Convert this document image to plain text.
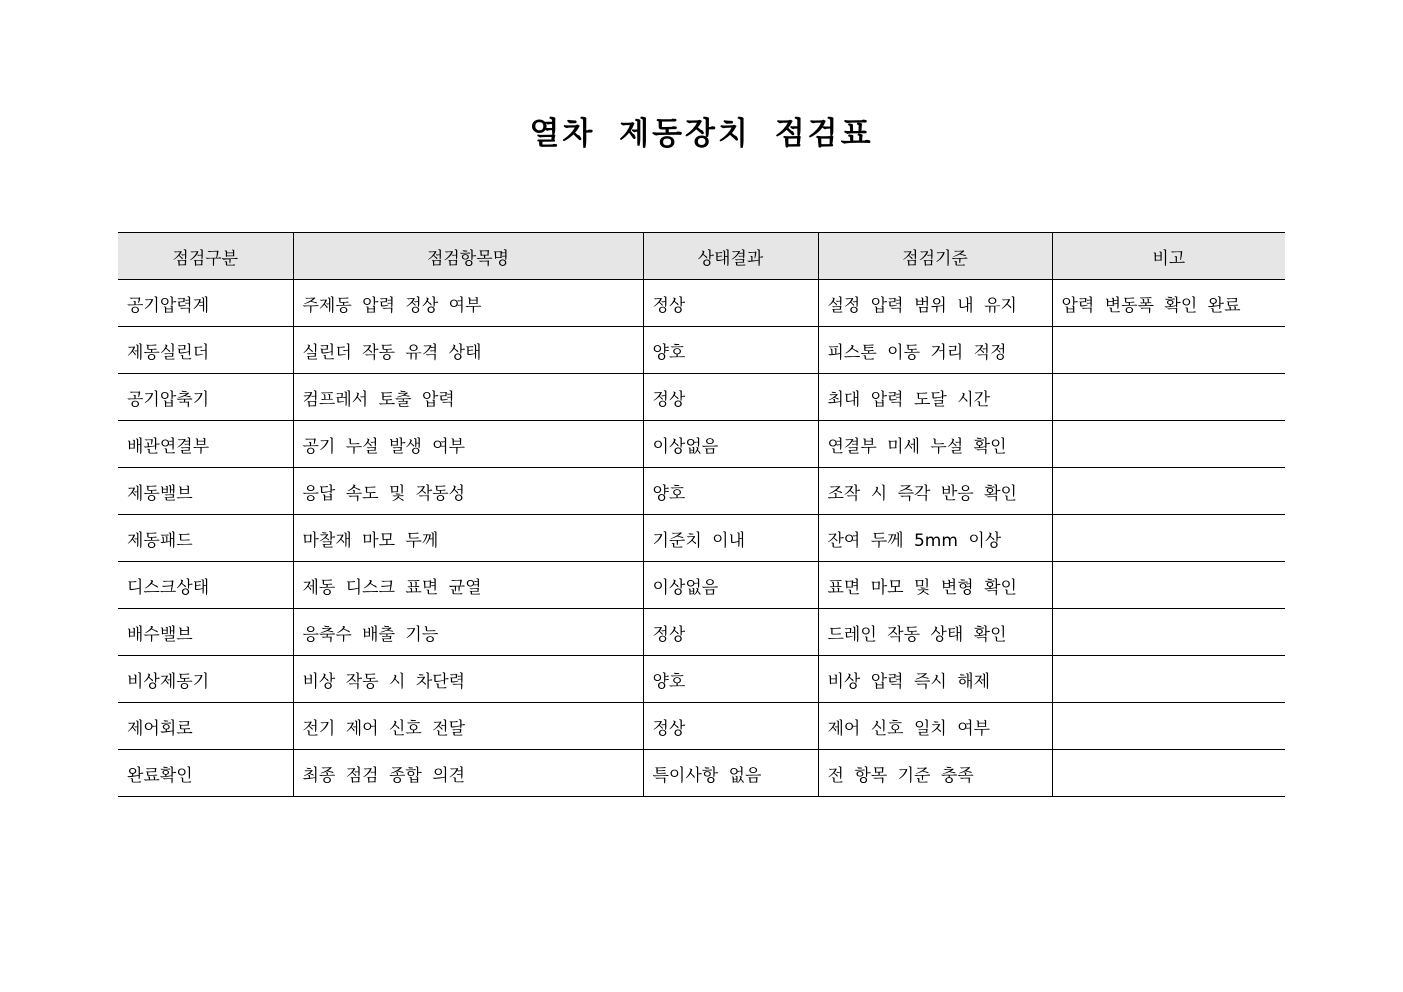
열차 제동장치 점검표
점검구분	점검항목명	상태결과	점검기준	비고
공기압력계	주제동 압력 정상 여부	정상	설정 압력 범위 내 유지	압력 변동폭 확인 완료
제동실린더	실린더 작동 유격 상태	양호	피스톤 이동 거리 적정	
공기압축기	컴프레서 토출 압력	정상	최대 압력 도달 시간	
배관연결부	공기 누설 발생 여부	이상없음	연결부 미세 누설 확인	
제동밸브	응답 속도 및 작동성	양호	조작 시 즉각 반응 확인	
제동패드	마찰재 마모 두께	기준치 이내	잔여 두께 5mm 이상	
디스크상태	제동 디스크 표면 균열	이상없음	표면 마모 및 변형 확인	
배수밸브	응축수 배출 기능	정상	드레인 작동 상태 확인	
비상제동기	비상 작동 시 차단력	양호	비상 압력 즉시 해제	
제어회로	전기 제어 신호 전달	정상	제어 신호 일치 여부	
완료확인	최종 점검 종합 의견	특이사항 없음	전 항목 기준 충족	
